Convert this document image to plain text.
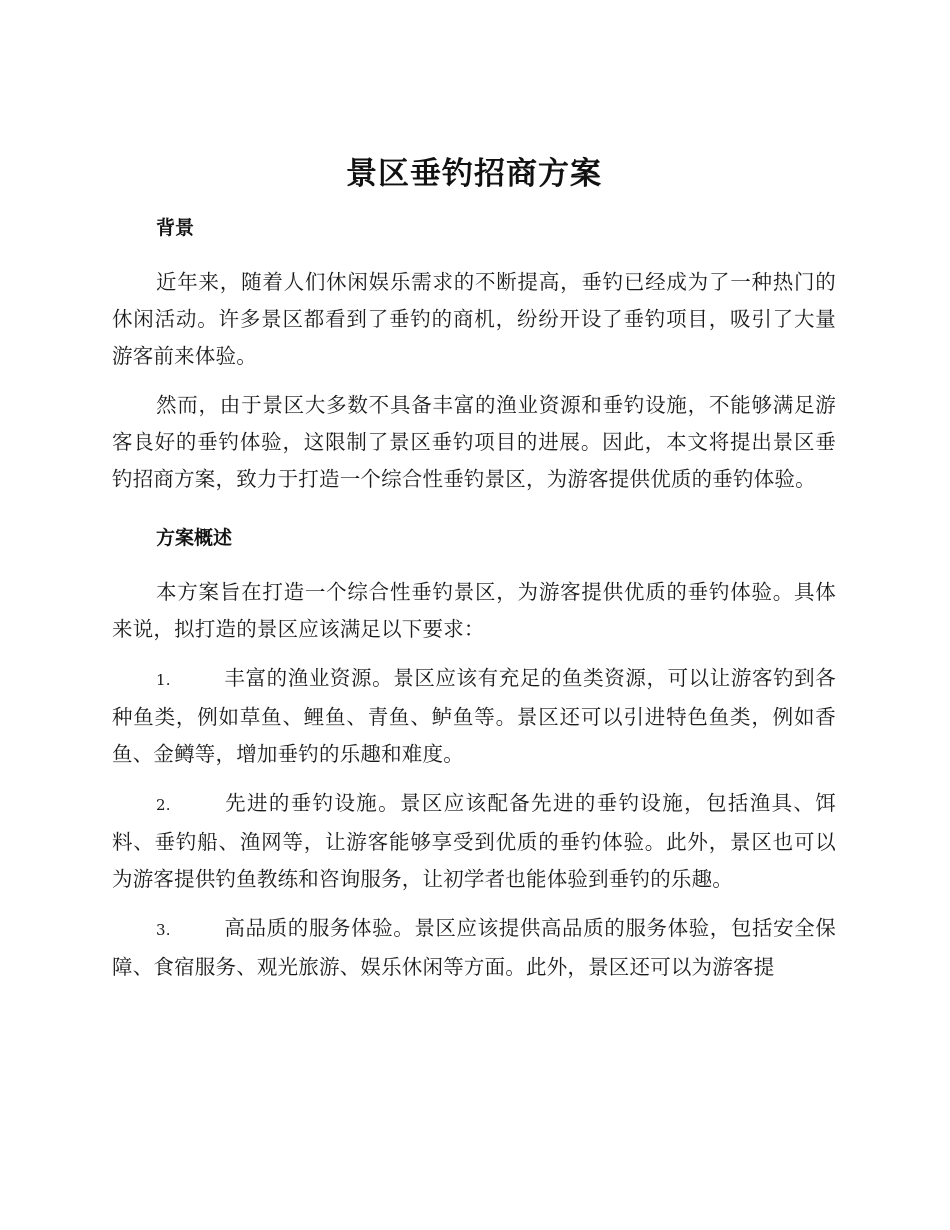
景区垂钓招商方案
背景

近年来，随着人们休闲娱乐需求的不断提高，垂钓已经成为了一种热门的休闲活动。许多景区都看到了垂钓的商机，纷纷开设了垂钓项目，吸引了大量游客前来体验。

然而，由于景区大多数不具备丰富的渔业资源和垂钓设施，不能够满足游客良好的垂钓体验，这限制了景区垂钓项目的进展。因此，本文将提出景区垂钓招商方案，致力于打造一个综合性垂钓景区，为游客提供优质的垂钓体验。

方案概述

本方案旨在打造一个综合性垂钓景区，为游客提供优质的垂钓体验。具体来说，拟打造的景区应该满足以下要求：

1.	丰富的渔业资源。景区应该有充足的鱼类资源，可以让游客钓到各种鱼类，例如草鱼、鲤鱼、青鱼、鲈鱼等。景区还可以引进特色鱼类，例如香鱼、金鳟等，增加垂钓的乐趣和难度。

2.	先进的垂钓设施。景区应该配备先进的垂钓设施，包括渔具、饵料、垂钓船、渔网等，让游客能够享受到优质的垂钓体验。此外，景区也可以为游客提供钓鱼教练和咨询服务，让初学者也能体验到垂钓的乐趣。

3.	高品质的服务体验。景区应该提供高品质的服务体验，包括安全保障、食宿服务、观光旅游、娱乐休闲等方面。此外，景区还可以为游客提
